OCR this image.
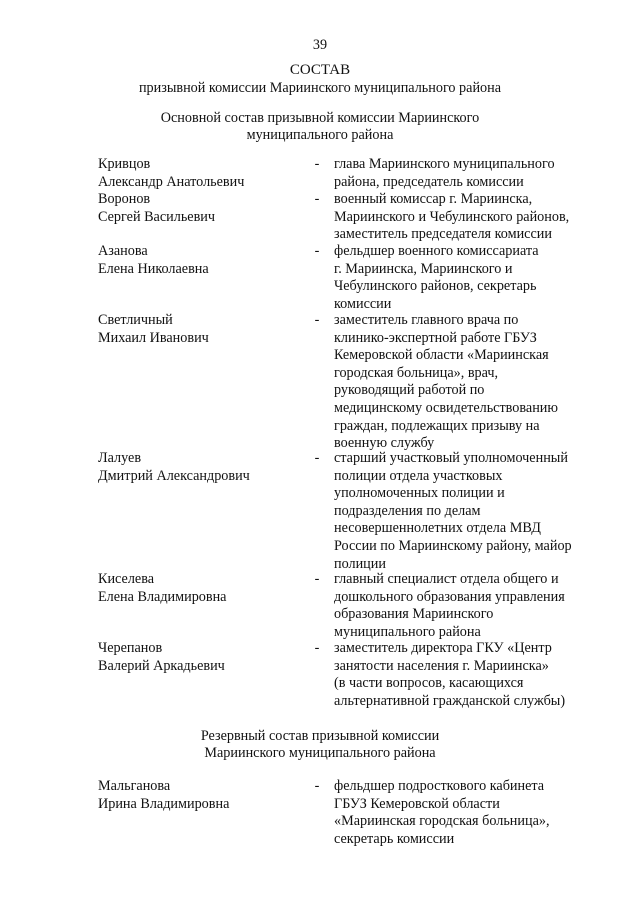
39
СОСТАВ
призывной комиссии Мариинского муниципального района
Основной состав призывной комиссии Мариинского
муниципального района
Кривцов
Александр Анатольевич
- глава Мариинского муниципального
района, председатель комиссии
Воронов
Сергей Васильевич
- военный комиссар г. Мариинска,
Мариинского и Чебулинского районов,
заместитель председателя комиссии
Азанова
Елена Николаевна
- фельдшер военного комиссариата
г. Мариинска, Мариинского и
Чебулинского районов, секретарь
комиссии
Светличный
Михаил Иванович
- заместитель главного врача по
клинико-экспертной работе ГБУЗ
Кемеровской области «Мариинская
городская больница», врач,
руководящий работой по
медицинскому освидетельствованию
граждан, подлежащих призыву на
военную службу
Лалуев
Дмитрий Александрович
- старший участковый уполномоченный
полиции отдела участковых
уполномоченных полиции и
подразделения по делам
несовершеннолетних отдела МВД
России по Мариинскому району, майор
полиции
Киселева
Елена Владимировна
- главный специалист отдела общего и
дошкольного образования управления
образования Мариинского
муниципального района
Черепанов
Валерий Аркадьевич
- заместитель директора ГКУ «Центр
занятости населения г. Мариинска»
(в части вопросов, касающихся
альтернативной гражданской службы)
Резервный состав призывной комиссии
Мариинского муниципального района
Мальганова
Ирина Владимировна
- фельдшер подросткового кабинета
ГБУЗ Кемеровской области
«Мариинская городская больница»,
секретарь комиссии
